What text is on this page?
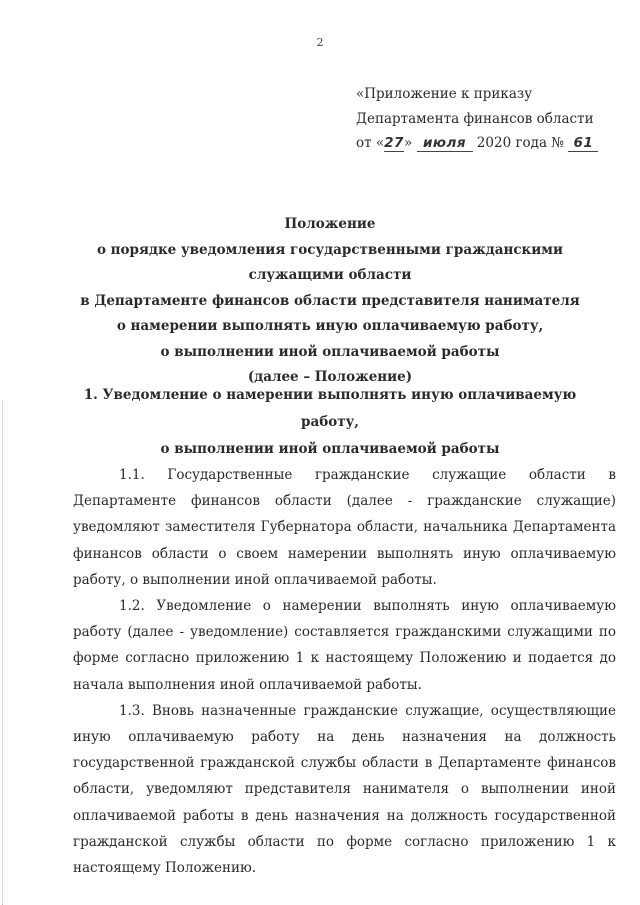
2
«Приложение к приказу
Департамента финансов области
от «27» июля 2020 года № 61
Положение
о порядке уведомления государственными гражданскими служащими области
в Департаменте финансов области представителя нанимателя
о намерении выполнять иную оплачиваемую работу,
о выполнении иной оплачиваемой работы
(далее – Положение)
1. Уведомление о намерении выполнять иную оплачиваемую работу,
о выполнении иной оплачиваемой работы

1.1. Государственные гражданские служащие области в Департаменте финансов области (далее - гражданские служащие) уведомляют заместителя Губернатора области, начальника Департамента финансов области о своем намерении выполнять иную оплачиваемую работу, о выполнении иной оплачиваемой работы.

1.2. Уведомление о намерении выполнять иную оплачиваемую работу (далее - уведомление) составляется гражданскими служащими по форме согласно приложению 1 к настоящему Положению и подается до начала выполнения иной оплачиваемой работы.

1.3. Вновь назначенные гражданские служащие, осуществляющие иную оплачиваемую работу на день назначения на должность государственной гражданской службы области в Департаменте финансов области, уведомляют представителя нанимателя о выполнении иной оплачиваемой работы в день назначения на должность государственной гражданской службы области по форме согласно приложению 1 к настоящему Положению.
